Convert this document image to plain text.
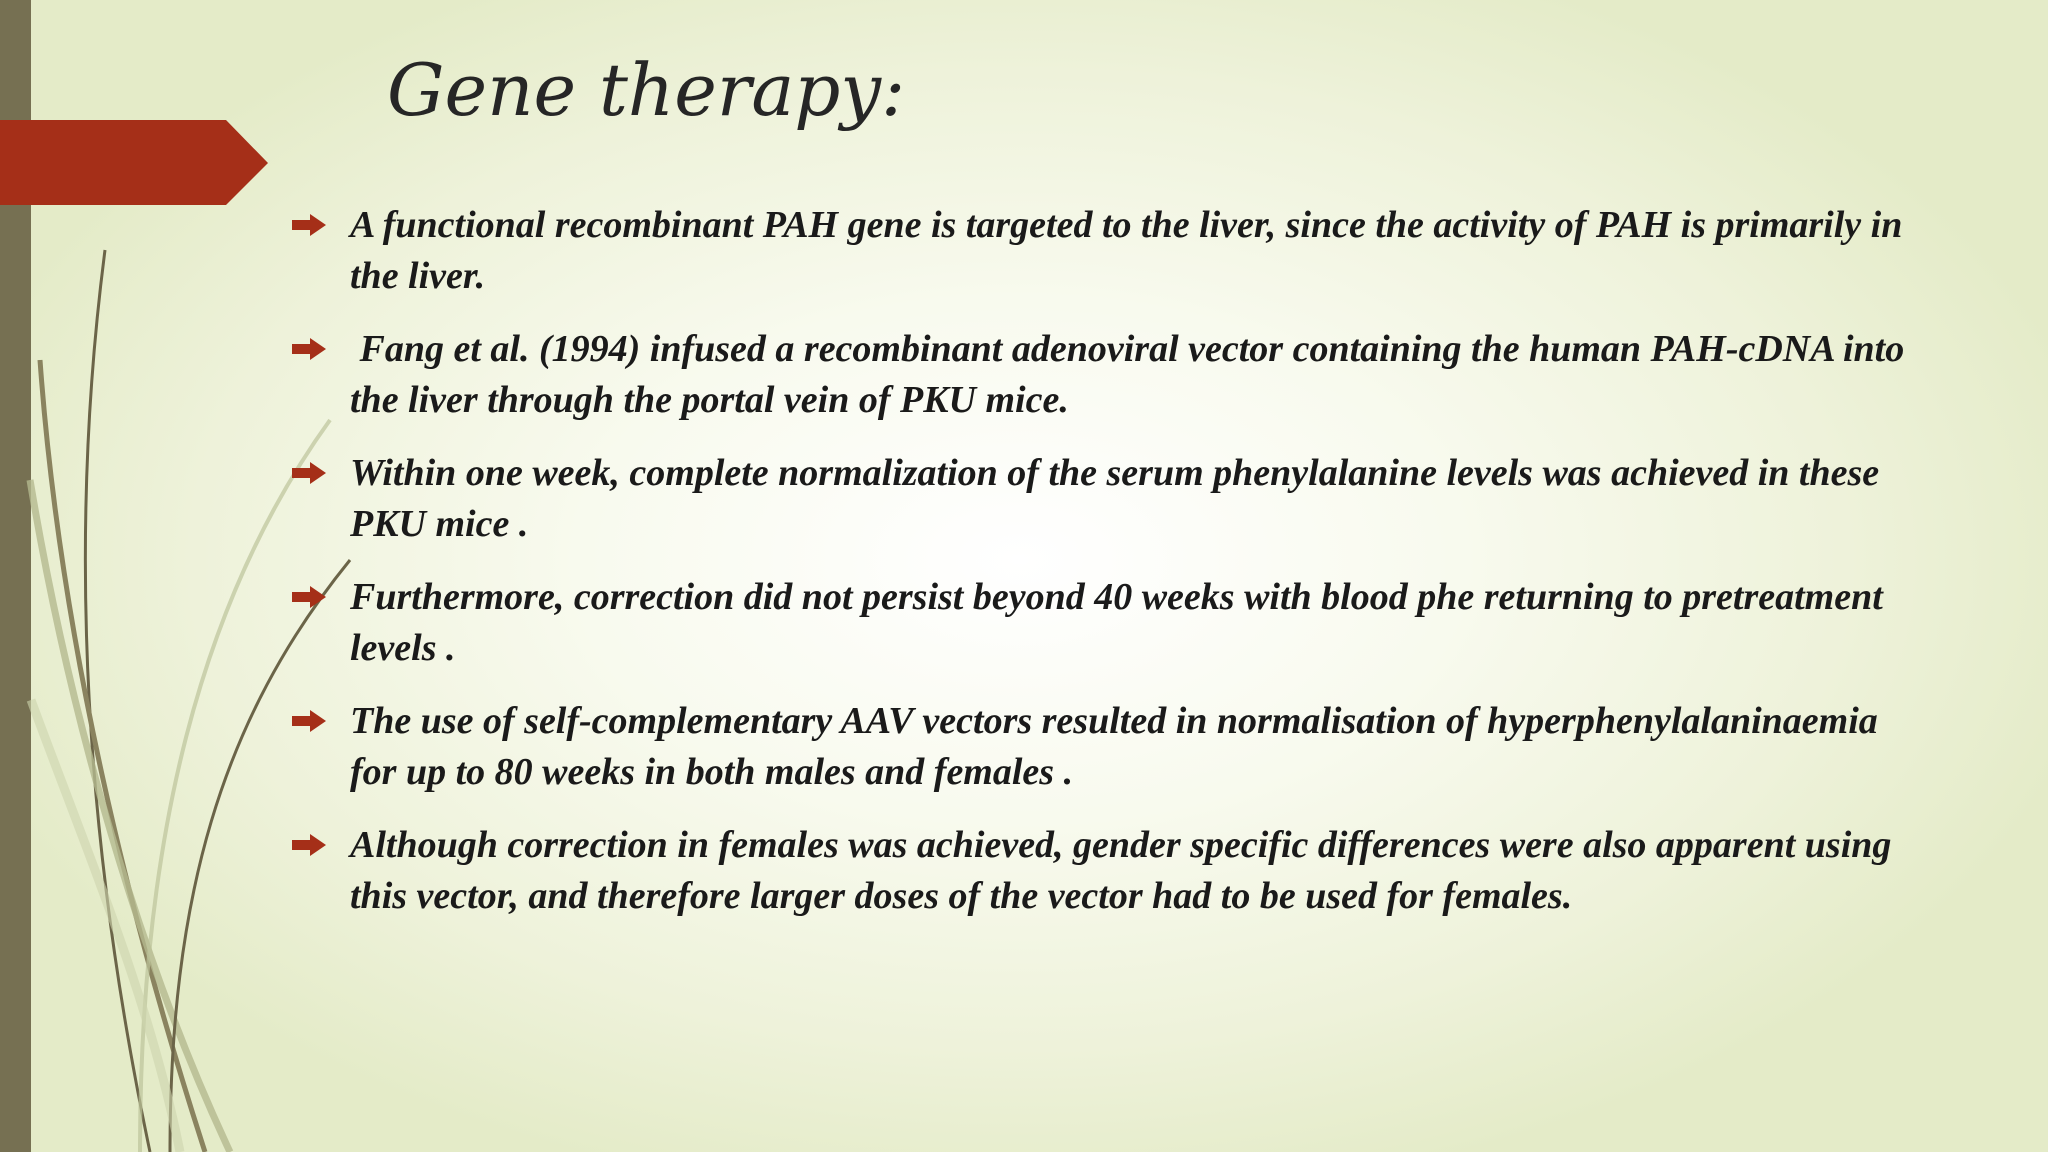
Gene therapy:
A functional recombinant PAH gene is targeted to the liver, since the activity of PAH is primarily in the liver.
Fang et al. (1994) infused a recombinant adenoviral vector containing the human PAH-cDNA into the liver through the portal vein of PKU mice.
Within one week, complete normalization of the serum phenylalanine levels was achieved in these PKU mice .
Furthermore, correction did not persist beyond 40 weeks with blood phe returning to pretreatment levels .
The use of self-complementary AAV vectors resulted in normalisation of hyperphenylalaninaemia for up to 80 weeks in both males and females .
Although correction in females was achieved, gender specific differences were also apparent using this vector, and therefore larger doses of the vector had to be used for females.
